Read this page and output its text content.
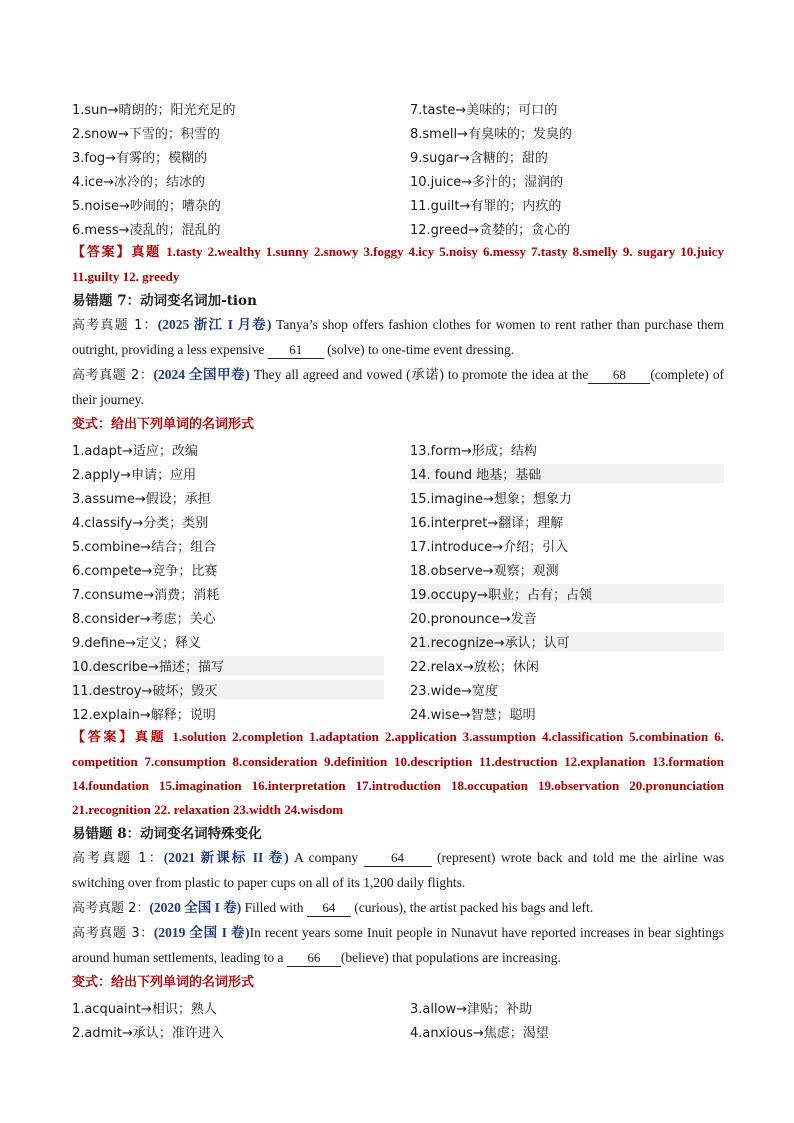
1.sun→晴朗的；阳光充足的	7.taste→美味的；可口的
2.snow→下雪的；积雪的	8.smell→有臭味的；发臭的
3.fog→有雾的；模糊的	9.sugar→含糖的；甜的
4.ice→冰冷的；结冰的	10.juice→多汁的；湿润的
5.noise→吵闹的；嘈杂的	11.guilt→有罪的；内疚的
6.mess→凌乱的；混乱的	12.greed→贪婪的；贪心的
【答案】真题 1.tasty 2.wealthy 1.sunny 2.snowy 3.foggy 4.icy 5.noisy 6.messy 7.tasty 8.smelly 9. sugary 10.juicy 11.guilty 12. greedy
易错题 7：动词变名词加-tion
高考真题 1：(2025 浙江 I 月卷) Tanya’s shop offers fashion clothes for women to rent rather than purchase them outright, providing a less expensive 61 (solve) to one-time event dressing.
高考真题 2：(2024 全国甲卷) They all agreed and vowed (承诺) to promote the idea at the 68 (complete) of their journey.
变式：给出下列单词的名词形式
1.adapt→适应；改编	13.form→形成；结构
2.apply→申请；应用	14. found 地基；基础
3.assume→假设；承担	15.imagine→想象；想象力
4.classify→分类；类别	16.interpret→翻译；理解
5.combine→结合；组合	17.introduce→介绍；引入
6.compete→竞争；比赛	18.observe→观察；观测
7.consume→消费；消耗	19.occupy→职业；占有；占领
8.consider→考虑；关心	20.pronounce→发音
9.define→定义；释义	21.recognize→承认；认可
10.describe→描述；描写	22.relax→放松；休闲
11.destroy→破坏；毁灭	23.wide→宽度
12.explain→解释；说明	24.wise→智慧；聪明
【答案】真题 1.solution 2.completion 1.adaptation 2.application 3.assumption 4.classification 5.combination 6. competition 7.consumption 8.consideration 9.definition 10.description 11.destruction 12.explanation 13.formation 14.foundation 15.imagination 16.interpretation 17.introduction 18.occupation 19.observation 20.pronunciation 21.recognition 22. relaxation 23.width 24.wisdom
易错题 8：动词变名词特殊变化
高考真题 1：(2021 新课标 II 卷) A company 64 (represent) wrote back and told me the airline was switching over from plastic to paper cups on all of its 1,200 daily flights.
高考真题 2：(2020 全国 I 卷) Filled with 64 (curious), the artist packed his bags and left.
高考真题 3：(2019 全国 I 卷)In recent years some Inuit people in Nunavut have reported increases in bear sightings around human settlements, leading to a 66 (believe) that populations are increasing.
变式：给出下列单词的名词形式
1.acquaint→相识；熟人	3.allow→津贴；补助
2.admit→承认；准许进入	4.anxious→焦虑；渴望
